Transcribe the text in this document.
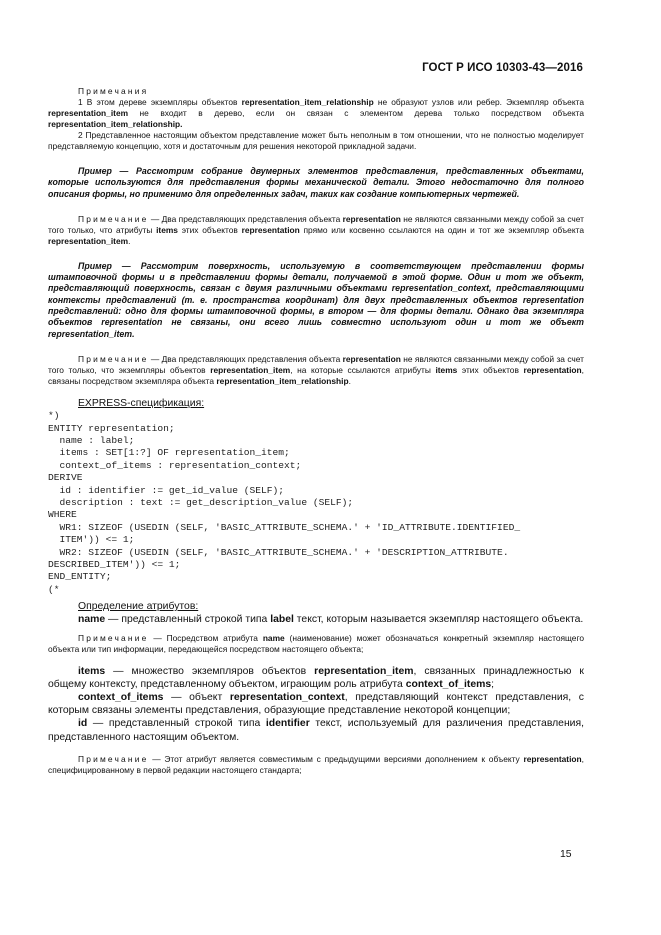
ГОСТ Р ИСО 10303-43—2016

Примечания

1 В этом дереве экземпляры объектов representation_item_relationship не образуют узлов или ребер. Экземпляр объекта representation_item не входит в дерево, если он связан с элементом дерева только посредством объекта representation_item_relationship.

2 Представленное настоящим объектом представление может быть неполным в том отношении, что не полностью моделирует представляемую концепцию, хотя и достаточным для решения некоторой прикладной задачи.

Пример — Рассмотрим собрание двумерных элементов представления, представленных объектами, которые используются для представления формы механической детали. Этого недостаточно для полного описания формы, но применимо для определенных задач, таких как создание компьютерных чертежей.

Примечание — Два представляющих представления объекта representation не являются связанными между собой за счет того только, что атрибуты items этих объектов representation прямо или косвенно ссылаются на один и тот же экземпляр объекта representation_item.

Пример — Рассмотрим поверхность, используемую в соответствующем представлении формы штамповочной формы и в представлении формы детали, получаемой в этой форме. Один и тот же объект, представляющий поверхность, связан с двумя различными объектами representation_context, представляющими контексты представлений (т. е. пространства координат) для двух представленных объектов representation представлений: одно для формы штамповочной формы, в втором — для формы детали. Однако два экземпляра объектов representation не связаны, они всего лишь совместно используют один и тот же объект representation_item.

Примечание — Два представляющих представления объекта representation не являются связанными между собой за счет того только, что экземпляры объектов representation_item, на которые ссылаются атрибуты items этих объектов representation, связаны посредством экземпляра объекта representation_item_relationship.

EXPRESS-спецификация:

*)
ENTITY representation;
name : label;
items : SET[1:?] OF representation_item;
context_of_items : representation_context;
DERIVE
id : identifier := get_id_value (SELF);
description : text := get_description_value (SELF);
WHERE
WR1: SIZEOF (USEDIN (SELF, 'BASIC_ATTRIBUTE_SCHEMA.' + 'ID_ATTRIBUTE.IDENTIFIED_
ITEM')) <= 1;
WR2: SIZEOF (USEDIN (SELF, 'BASIC_ATTRIBUTE_SCHEMA.' + 'DESCRIPTION_ATTRIBUTE.
DESCRIBED_ITEM')) <= 1;
END_ENTITY;
(*

Определение атрибутов:

name — представленный строкой типа label текст, которым называется экземпляр настоящего объекта.

Примечание — Посредством атрибута name (наименование) может обозначаться конкретный экземпляр настоящего объекта или тип информации, передающейся посредством настоящего объекта;

items — множество экземпляров объектов representation_item, связанных принадлежностью к общему контексту, представленному объектом, играющим роль атрибута context_of_items;

context_of_items — объект representation_context, представляющий контекст представления, с которым связаны элементы представления, образующие представление некоторой концепции;

id — представленный строкой типа identifier текст, используемый для различения представления, представленного настоящим объектом.

Примечание — Этот атрибут является совместимым с предыдущими версиями дополнением к объекту representation, специфицированному в первой редакции настоящего стандарта;

15
